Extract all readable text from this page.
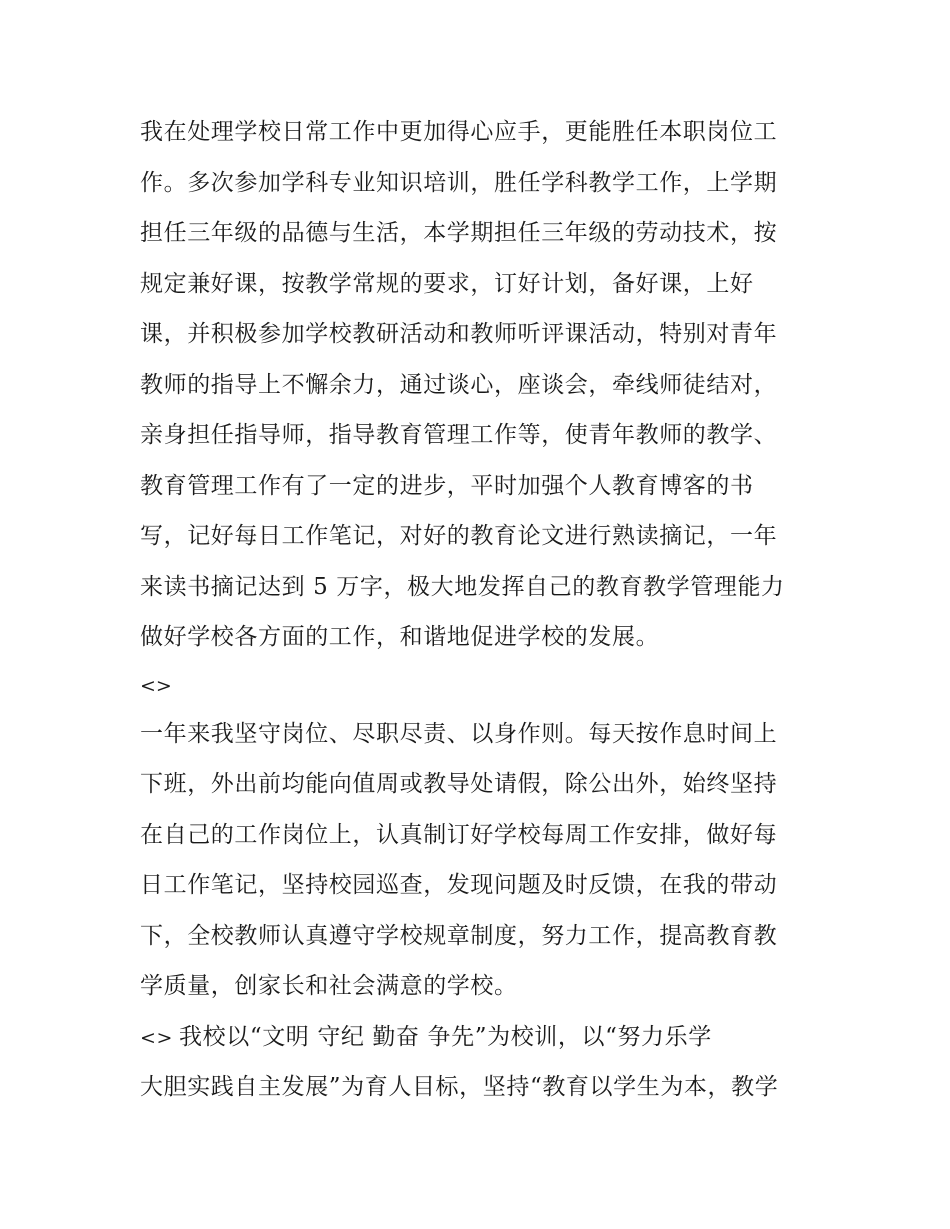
我在处理学校日常工作中更加得心应手，更能胜任本职岗位工
作。多次参加学科专业知识培训，胜任学科教学工作，上学期
担任三年级的品德与生活，本学期担任三年级的劳动技术，按
规定兼好课，按教学常规的要求，订好计划，备好课，上好
课，并积极参加学校教研活动和教师听评课活动，特别对青年
教师的指导上不懈余力，通过谈心，座谈会，牵线师徒结对，
亲身担任指导师，指导教育管理工作等，使青年教师的教学、
教育管理工作有了一定的进步，平时加强个人教育博客的书
写，记好每日工作笔记，对好的教育论文进行熟读摘记，一年
来读书摘记达到 5 万字，极大地发挥自己的教育教学管理能力
做好学校各方面的工作，和谐地促进学校的发展。
<>
一年来我坚守岗位、尽职尽责、以身作则。每天按作息时间上
下班，外出前均能向值周或教导处请假，除公出外，始终坚持
在自己的工作岗位上，认真制订好学校每周工作安排，做好每
日工作笔记，坚持校园巡查，发现问题及时反馈，在我的带动
下，全校教师认真遵守学校规章制度，努力工作，提高教育教
学质量，创家长和社会满意的学校。
<> 我校以“文明 守纪 勤奋 争先”为校训，以“努力乐学
大胆实践自主发展”为育人目标，坚持“教育以学生为本，教学
